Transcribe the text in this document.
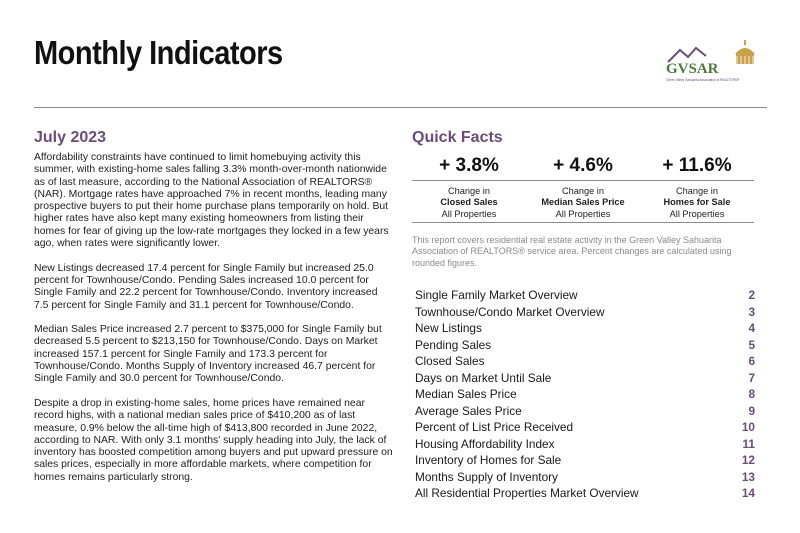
Monthly Indicators	GVSAR
Green Valley Sahuarita Association of REALTORS®
July 2023

Affordability constraints have continued to limit homebuying activity this summer, with existing-home sales falling 3.3% month-over-month nationwide as of last measure, according to the National Association of REALTORS® (NAR). Mortgage rates have approached 7% in recent months, leading many prospective buyers to put their home purchase plans temporarily on hold. But higher rates have also kept many existing homeowners from listing their homes for fear of giving up the low-rate mortgages they locked in a few years ago, when rates were significantly lower.

New Listings decreased 17.4 percent for Single Family but increased 25.0 percent for Townhouse/Condo. Pending Sales increased 10.0 percent for Single Family and 22.2 percent for Townhouse/Condo. Inventory increased 7.5 percent for Single Family and 31.1 percent for Townhouse/Condo.

Median Sales Price increased 2.7 percent to $375,000 for Single Family but decreased 5.5 percent to $213,150 for Townhouse/Condo. Days on Market increased 157.1 percent for Single Family and 173.3 percent for Townhouse/Condo. Months Supply of Inventory increased 46.7 percent for Single Family and 30.0 percent for Townhouse/Condo.

Despite a drop in existing-home sales, home prices have remained near record highs, with a national median sales price of $410,200 as of last measure, 0.9% below the all-time high of $413,800 recorded in June 2022, according to NAR. With only 3.1 months' supply heading into July, the lack of inventory has boosted competition among buyers and put upward pressure on sales prices, especially in more affordable markets, where competition for homes remains particularly strong.

Quick Facts
+ 3.8%	+ 4.6%	+ 11.6%
Change in
Closed Sales
All Properties
Change in
Median Sales Price
All Properties
Change in
Homes for Sale
All Properties
This report covers residential real estate activity in the Green Valley Sahuarita Association of REALTORS® service area. Percent changes are calculated using rounded figures.
Single Family Market Overview	2
Townhouse/Condo Market Overview	3
New Listings	4
Pending Sales	5
Closed Sales	6
Days on Market Until Sale	7
Median Sales Price	8
Average Sales Price	9
Percent of List Price Received	10
Housing Affordability Index	11
Inventory of Homes for Sale	12
Months Supply of Inventory	13
All Residential Properties Market Overview	14
